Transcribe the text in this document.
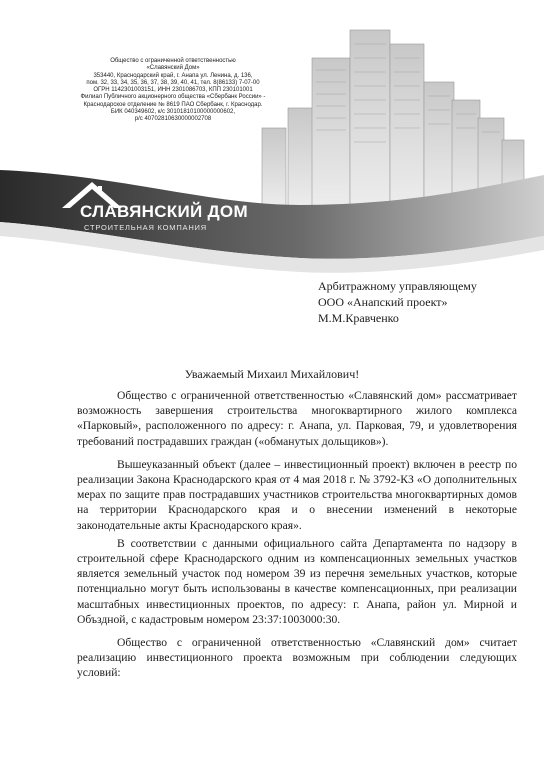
Общество с ограниченной ответственностью
«Славянский Дом»
353440, Краснодарский край, г. Анапа ул. Ленина, д. 136,
пом. 32, 33, 34, 35, 36, 37, 38, 39, 40, 41, тел. 8(86133) 7-07-00
ОГРН 1142301003151, ИНН 2301086703, КПП 230101001
Филиал Публичного акционерного общества «Сбербанк России» -
Краснодарское отделение № 8619 ПАО Сбербанк, г. Краснодар.
БИК 040349602, к/с 30101810100000000602,
р/с 40702810630000002708
СЛАВЯНСКИЙ ДОМ
СТРОИТЕЛЬНАЯ КОМПАНИЯ
Арбитражному управляющему
ООО «Анапский проект»
М.М.Кравченко
Уважаемый Михаил Михайлович!

Общество с ограниченной ответственностью «Славянский дом» рассматривает возможность завершения строительства многоквартирного жилого комплекса «Парковый», расположенного по адресу: г. Анапа, ул. Парковая, 79, и удовлетворения требований пострадавших граждан («обманутых дольщиков»).

Вышеуказанный объект (далее – инвестиционный проект) включен в реестр по реализации Закона Краснодарского края от 4 мая 2018 г. № 3792-КЗ «О дополнительных мерах по защите прав пострадавших участников строительства многоквартирных домов на территории Краснодарского края и о внесении изменений в некоторые законодательные акты Краснодарского края».

В соответствии с данными официального сайта Департамента по надзору в строительной сфере Краснодарского одним из компенсационных земельных участков является земельный участок под номером 39 из перечня земельных участков, которые потенциально могут быть использованы в качестве компенсационных, при реализации масштабных инвестиционных проектов, по адресу: г. Анапа, район ул. Мирной и Объздной, с кадастровым номером 23:37:1003000:30.

Общество с ограниченной ответственностью «Славянский дом» считает реализацию инвестиционного проекта возможным при соблюдении следующих условий:
